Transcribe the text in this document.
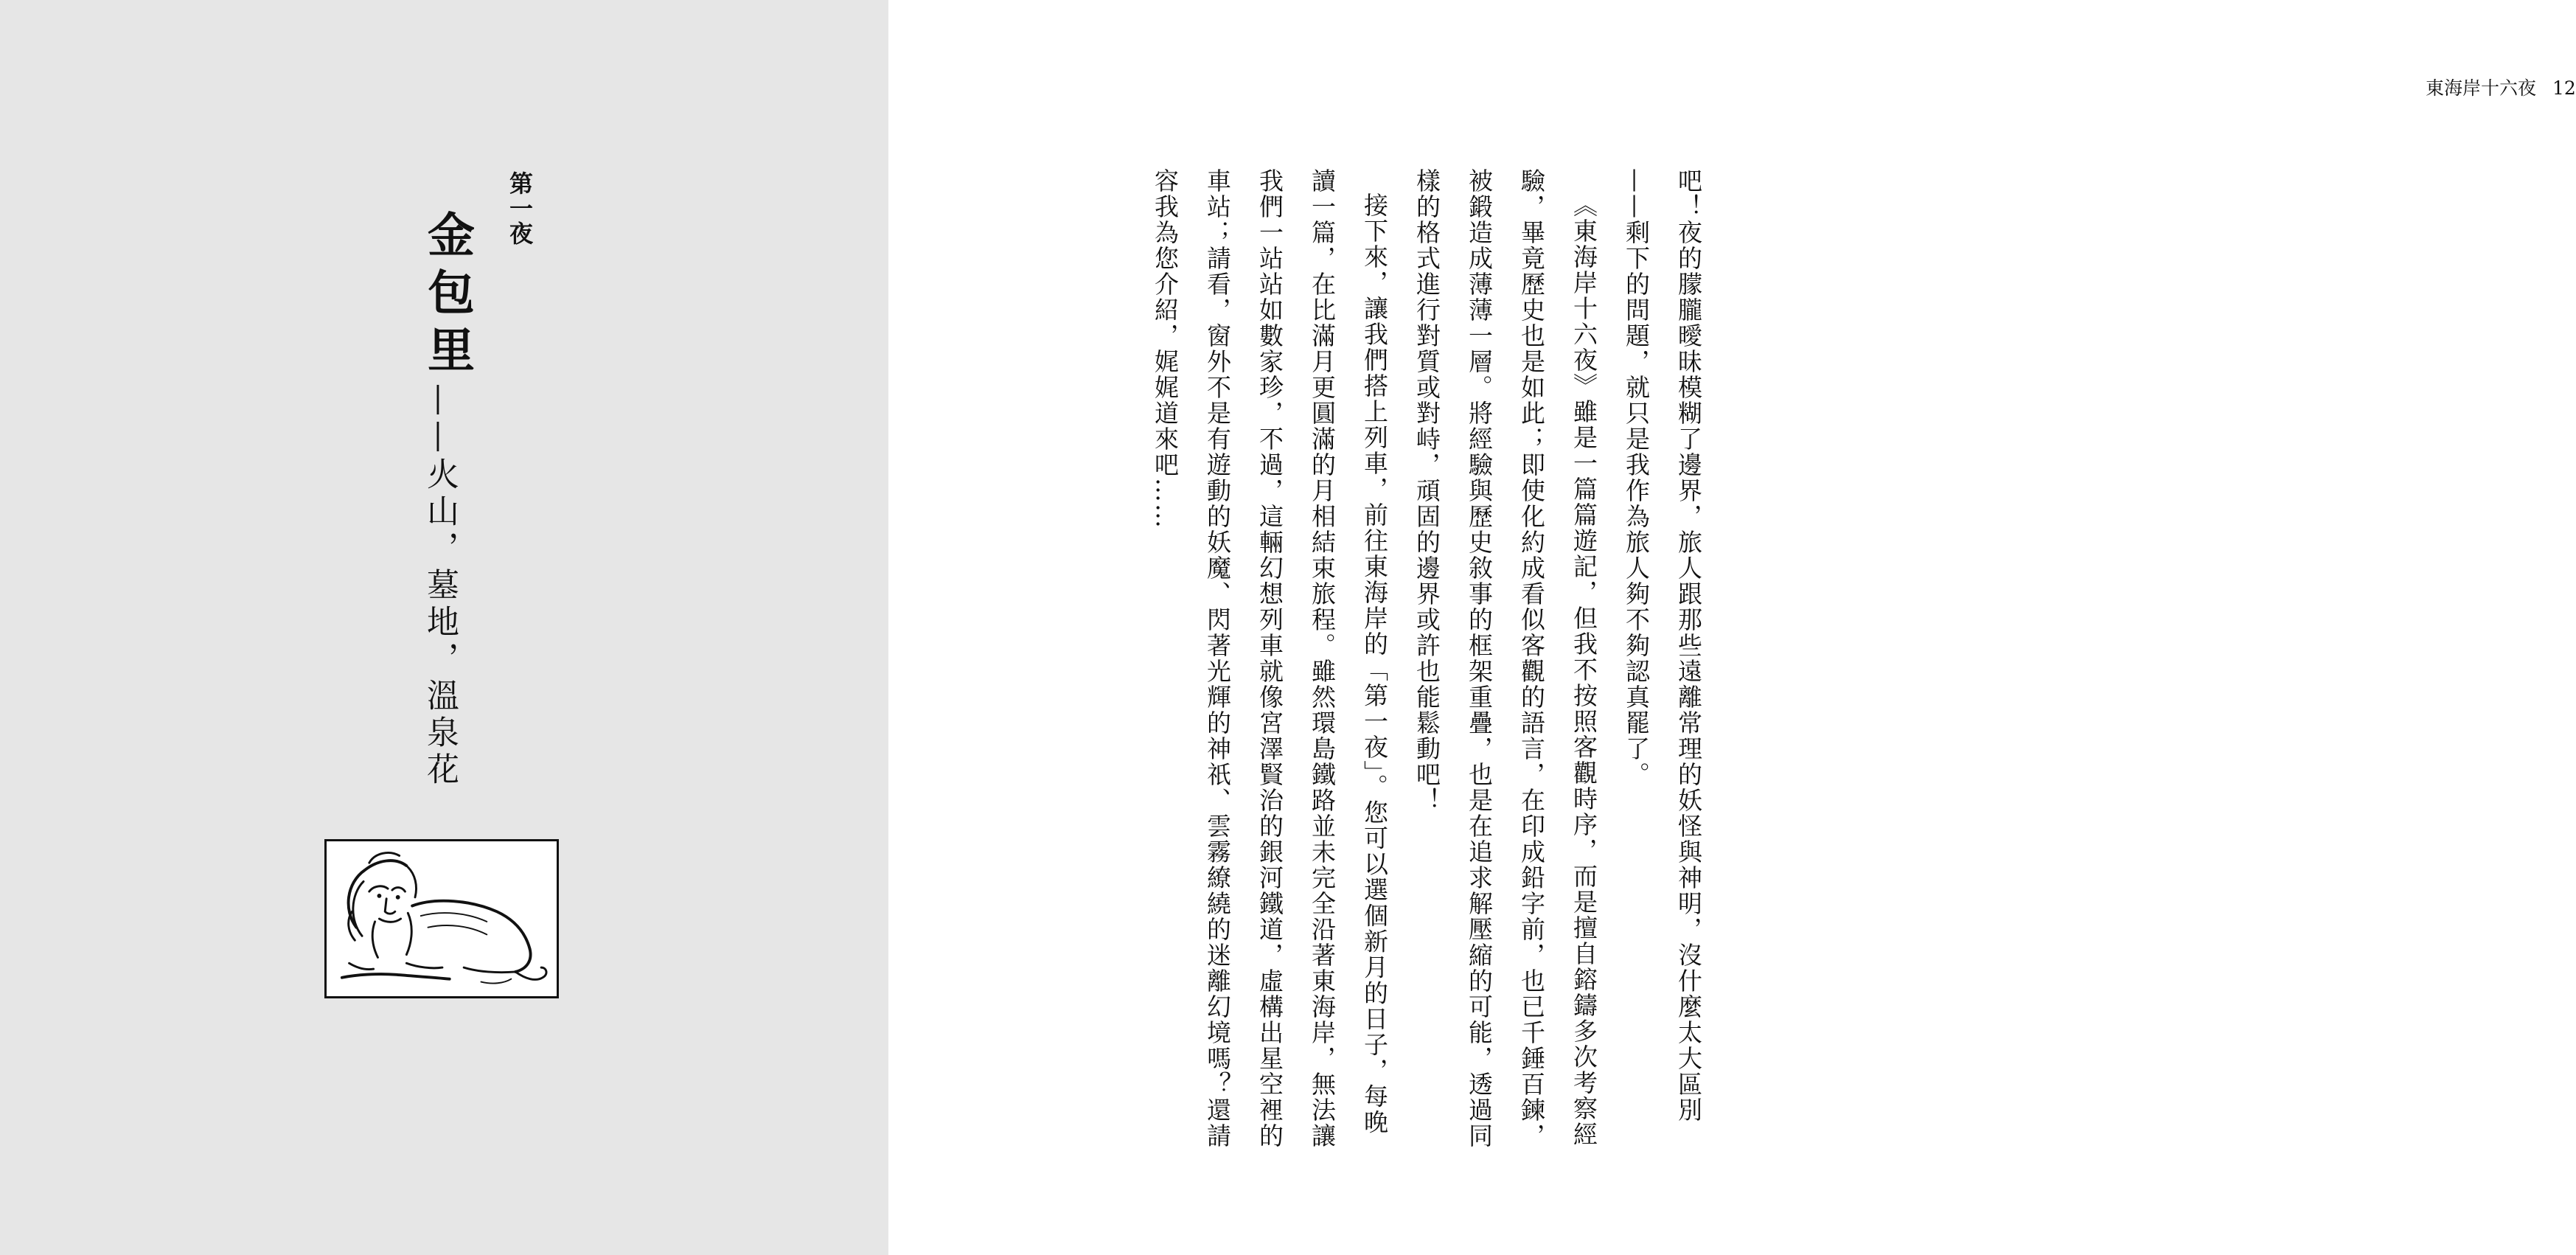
第一夜
金包里
——火山，墓地，溫泉花
東海岸十六夜 12

吧！夜的朦朧曖昧模糊了邊界，旅人跟那些遠離常理的妖怪與神明，沒什麼太大區別——剩下的問題，就只是我作為旅人夠不夠認真罷了。

《東海岸十六夜》雖是一篇篇遊記，但我不按照客觀時序，而是擅自鎔鑄多次考察經驗，畢竟歷史也是如此；即使化約成看似客觀的語言，在印成鉛字前，也已千錘百鍊，被鍛造成薄薄一層。將經驗與歷史敘事的框架重疊，也是在追求解壓縮的可能，透過同樣的格式進行對質或對峙，頑固的邊界或許也能鬆動吧！

接下來，讓我們搭上列車，前往東海岸的「第一夜」。您可以選個新月的日子，每晚讀一篇，在比滿月更圓滿的月相結束旅程。雖然環島鐵路並未完全沿著東海岸，無法讓我們一站站如數家珍，不過，這輛幻想列車就像宮澤賢治的銀河鐵道，虛構出星空裡的車站；請看，窗外不是有遊動的妖魔、閃著光輝的神祇、雲霧繚繞的迷離幻境嗎？還請容我為您介紹，娓娓道來吧……
